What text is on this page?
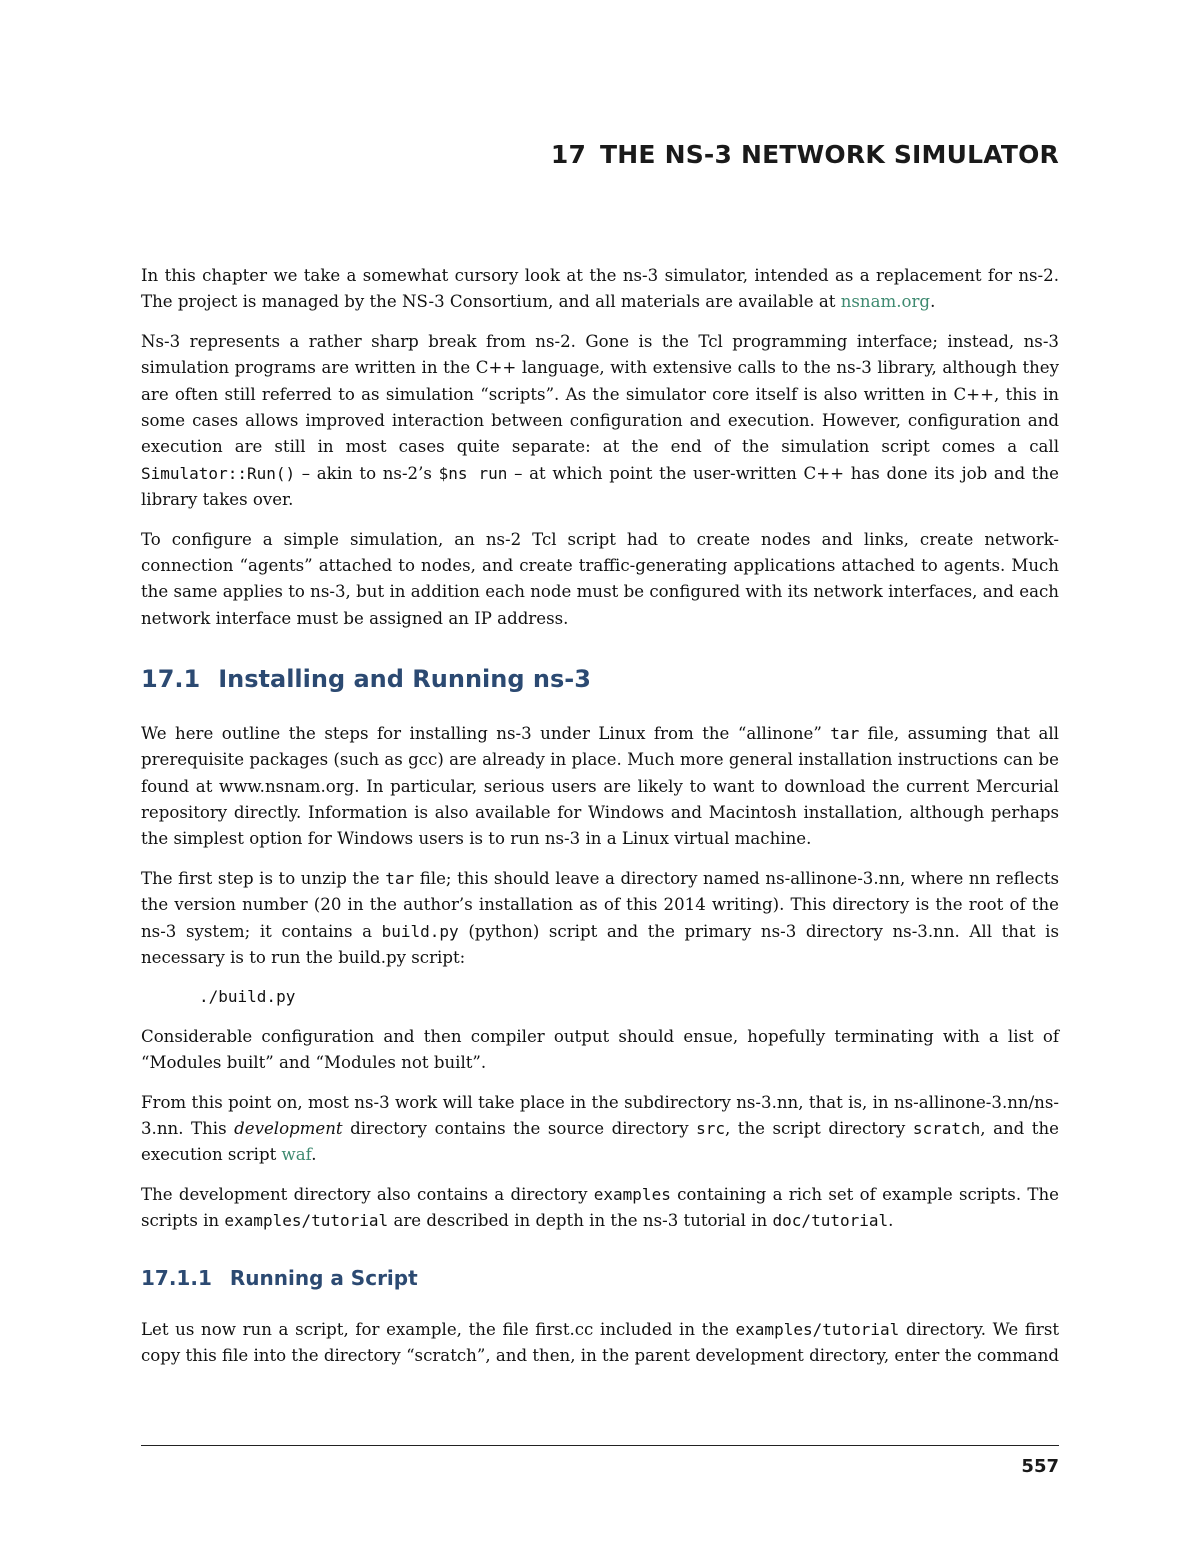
17 THE NS-3 NETWORK SIMULATOR

In this chapter we take a somewhat cursory look at the ns-3 simulator, intended as a replacement for ns-2. The project is managed by the NS-3 Consortium, and all materials are available at nsnam.org.

Ns-3 represents a rather sharp break from ns-2. Gone is the Tcl programming interface; instead, ns-3 simulation programs are written in the C++ language, with extensive calls to the ns-3 library, although they are often still referred to as simulation “scripts”. As the simulator core itself is also written in C++, this in some cases allows improved interaction between configuration and execution. However, configuration and execution are still in most cases quite separate: at the end of the simulation script comes a call Simulator::Run() – akin to ns-2’s $ns run – at which point the user-written C++ has done its job and the library takes over.

To configure a simple simulation, an ns-2 Tcl script had to create nodes and links, create network-connection “agents” attached to nodes, and create traffic-generating applications attached to agents. Much the same applies to ns-3, but in addition each node must be configured with its network interfaces, and each network interface must be assigned an IP address.

17.1 Installing and Running ns-3

We here outline the steps for installing ns-3 under Linux from the “allinone” tar file, assuming that all prerequisite packages (such as gcc) are already in place. Much more general installation instructions can be found at www.nsnam.org. In particular, serious users are likely to want to download the current Mercurial repository directly. Information is also available for Windows and Macintosh installation, although perhaps the simplest option for Windows users is to run ns-3 in a Linux virtual machine.

The first step is to unzip the tar file; this should leave a directory named ns-allinone-3.nn, where nn reflects the version number (20 in the author’s installation as of this 2014 writing). This directory is the root of the ns-3 system; it contains a build.py (python) script and the primary ns-3 directory ns-3.nn. All that is necessary is to run the build.py script:

./build.py

Considerable configuration and then compiler output should ensue, hopefully terminating with a list of “Modules built” and “Modules not built”.

From this point on, most ns-3 work will take place in the subdirectory ns-3.nn, that is, in ns-allinone-3.nn/ns-3.nn. This development directory contains the source directory src, the script directory scratch, and the execution script waf.

The development directory also contains a directory examples containing a rich set of example scripts. The scripts in examples/tutorial are described in depth in the ns-3 tutorial in doc/tutorial.

17.1.1 Running a Script

Let us now run a script, for example, the file first.cc included in the examples/tutorial directory. We first copy this file into the directory “scratch”, and then, in the parent development directory, enter the command

557
